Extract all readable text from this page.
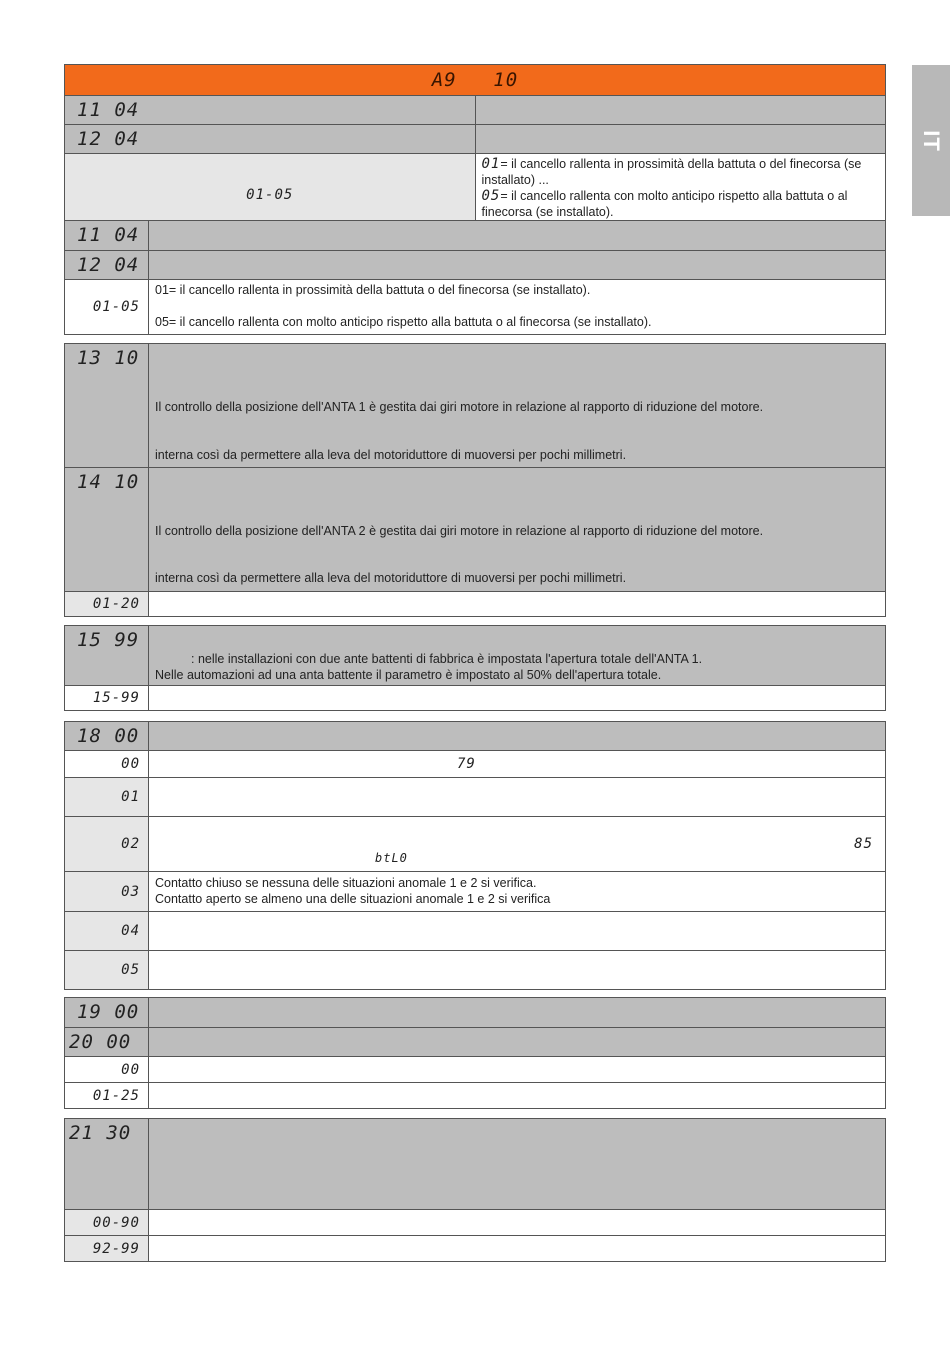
IT
A9 10	

11 04	

12 04	

01-05	01= il cancello rallenta in prossimità della battuta o del finecorsa (se installato) ...
05= il cancello rallenta con molto anticipo rispetto alla battuta o al finecorsa (se installato).
11 04	

12 04	

01-05	01= il cancello rallenta in prossimità della battuta o del finecorsa (se installato).
05= il cancello rallenta con molto anticipo rispetto alla battuta o al finecorsa (se installato).
13 10	Il controllo della posizione dell'ANTA 1 è gestita dai giri motore in relazione al rapporto di riduzione del motore.
interna così da permettere alla leva del motoriduttore di muoversi per pochi millimetri.

14 10	Il controllo della posizione dell'ANTA 2 è gestita dai giri motore in relazione al rapporto di riduzione del motore.
interna così da permettere alla leva del motoriduttore di muoversi per pochi millimetri.

01-20	

15 99	: nelle installazioni con due ante battenti di fabbrica è impostata l'apertura totale dell'ANTA 1.
Nelle automazioni ad una anta battente il parametro è impostato al 50% dell'apertura totale.

15-99	

18 00	

00	79

01	

02	85
btL0

03	Contatto chiuso se nessuna delle situazioni anomale 1 e 2 si verifica.
Contatto aperto se almeno una delle situazioni anomale 1 e 2 si verifica

04	

05	

19 00	

20 00	

00	

01-25	

21 30	

00-90	

92-99	
